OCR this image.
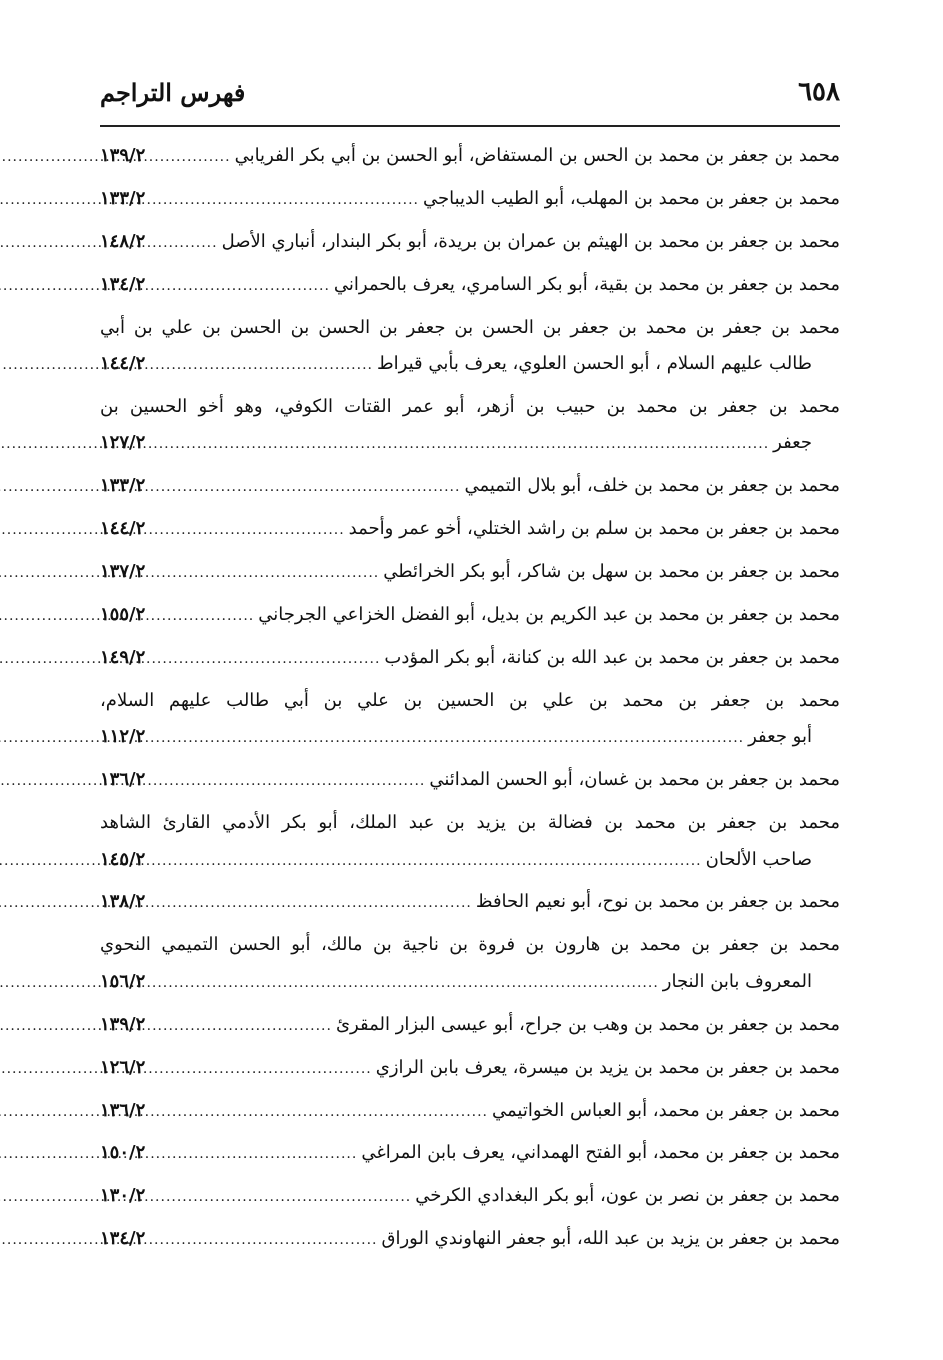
٦٥٨
فهرس التراجم
محمد بن جعفر بن محمد بن الحس بن المستفاض، أبو الحسن بن أبي بكر الفريابي
.....
١٣٩/٢
محمد بن جعفر بن محمد بن المهلب، أبو الطيب الديباجي
.....
١٣٣/٢
محمد بن جعفر بن محمد بن الهيثم بن عمران بن بريدة، أبو بكر البندار، أنباري الأصل
.....
١٤٨/٢
محمد بن جعفر بن محمد بن بقية، أبو بكر السامري، يعرف بالحمراني
.....
١٣٤/٢
محمد بن جعفر بن محمد بن جعفر بن الحسن بن جعفر بن الحسن بن الحسن بن علي بن أبي
طالب عليهم السلام ، أبو الحسن العلوي، يعرف بأبي قيراط
.....
١٤٤/٢
محمد بن جعفر بن محمد بن حبيب بن أزهر، أبو عمر القتات الكوفي، وهو أخو الحسين بن
جعفر
.....
١٢٧/٢
محمد بن جعفر بن محمد بن خلف، أبو بلال التميمي
.....
١٣٣/٢
محمد بن جعفر بن محمد بن سلم بن راشد الختلي، أخو عمر وأحمد
.....
١٤٤/٢
محمد بن جعفر بن محمد بن سهل بن شاكر، أبو بكر الخرائطي
.....
١٣٧/٢
محمد بن جعفر بن محمد بن عبد الكريم بن بديل، أبو الفضل الخزاعي الجرجاني
.....
١٥٥/٢
محمد بن جعفر بن محمد بن عبد الله بن كنانة، أبو بكر المؤدب
.....
١٤٩/٢
محمد بن جعفر بن محمد بن علي بن الحسين بن علي بن أبي طالب عليهم السلام،
أبو جعفر
.....
١١٢/٢
محمد بن جعفر بن محمد بن غسان، أبو الحسن المدائني
.....
١٣٦/٢
محمد بن جعفر بن محمد بن فضالة بن يزيد بن عبد الملك، أبو بكر الأدمي القارئ الشاهد
صاحب الألحان
.....
١٤٥/٢
محمد بن جعفر بن محمد بن نوح، أبو نعيم الحافظ
.....
١٣٨/٢
محمد بن جعفر بن محمد بن هارون بن فروة بن ناجية بن مالك، أبو الحسن التميمي النحوي
المعروف بابن النجار
.....
١٥٦/٢
محمد بن جعفر بن محمد بن وهب بن جراح، أبو عيسى البزار المقرئ
.....
١٣٩/٢
محمد بن جعفر بن محمد بن يزيد بن ميسرة، يعرف بابن الرازي
.....
١٢٦/٢
محمد بن جعفر بن محمد، أبو العباس الخواتيمي
.....
١٣٦/٢
محمد بن جعفر بن محمد، أبو الفتح الهمداني، يعرف بابن المراغي
.....
١٥٠/٢
محمد بن جعفر بن نصر بن عون، أبو بكر البغدادي الكرخي
.....
١٣٠/٢
محمد بن جعفر بن يزيد بن عبد الله، أبو جعفر النهاوندي الوراق
.....
١٣٤/٢
